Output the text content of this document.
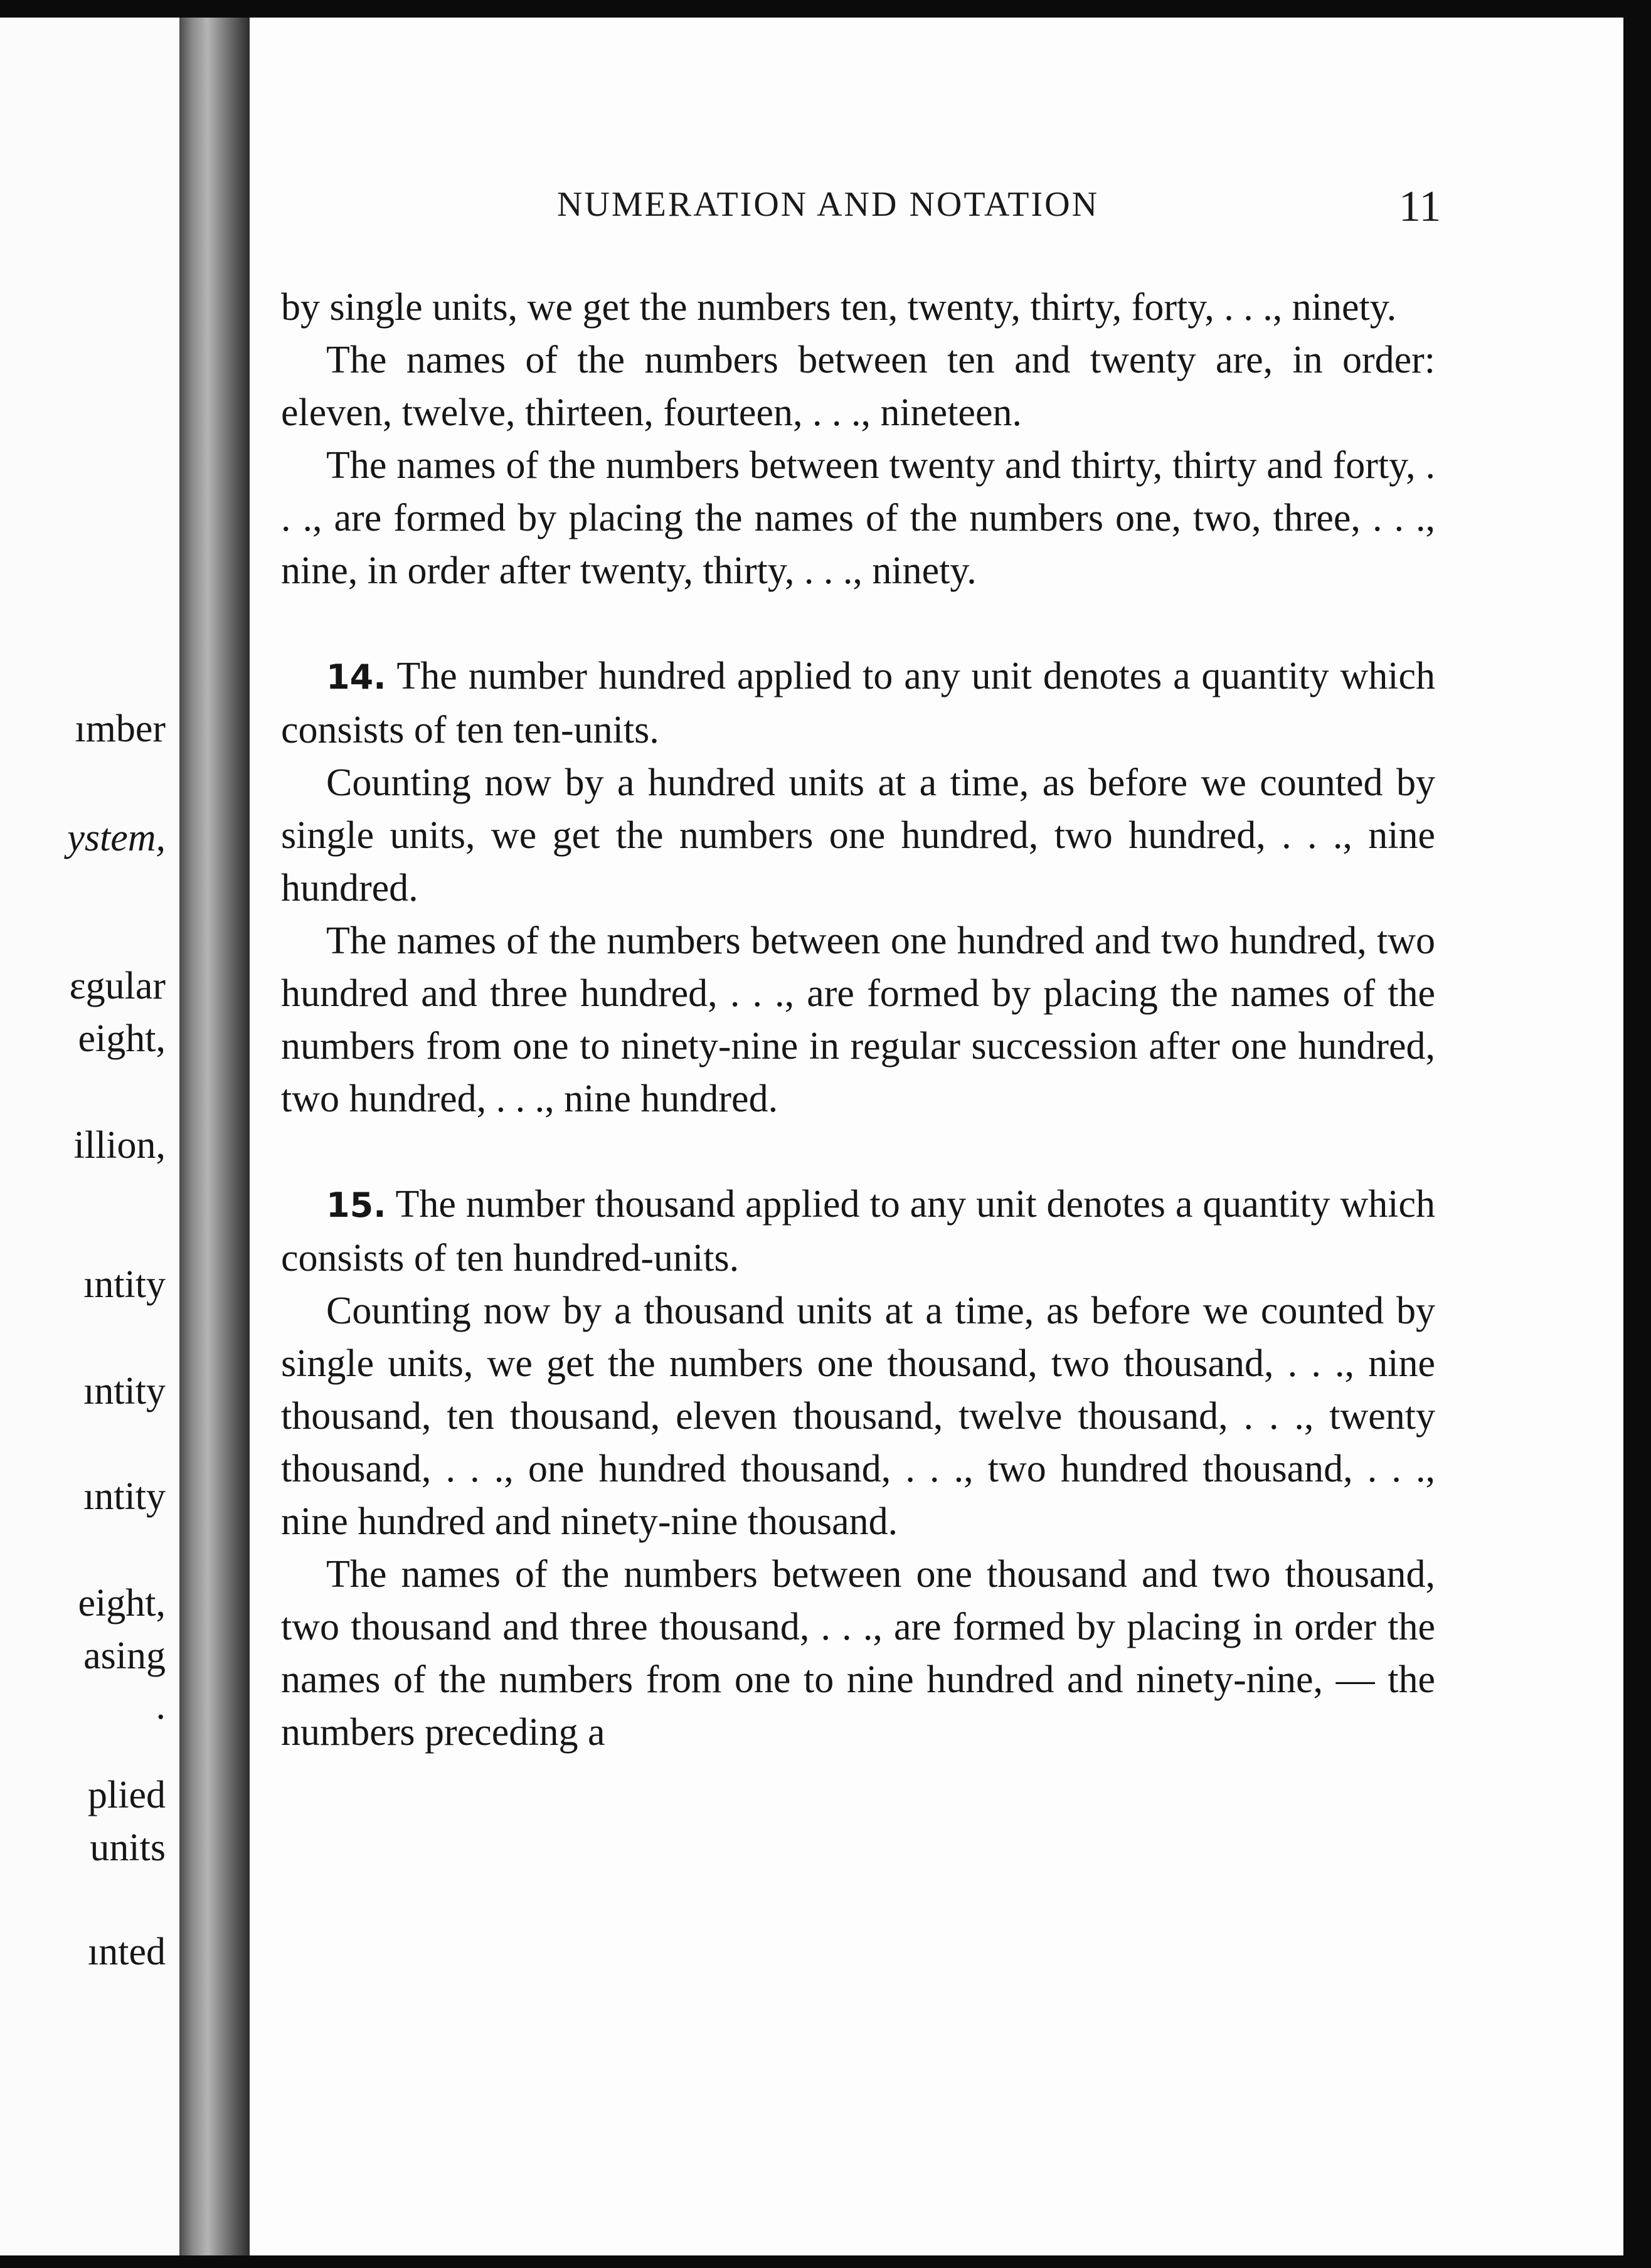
ımber

ystem,

ɛgular

eight,

illion,

ıntity

ıntity

ıntity

eight,

asing

.

plied

units

ınted

NUMERATION AND NOTATION	11

by single units, we get the numbers ten, twenty, thirty, forty, . . ., ninety.

The names of the numbers between ten and twenty are, in order: eleven, twelve, thirteen, fourteen, . . ., nineteen.

The names of the numbers between twenty and thirty, thirty and forty, . . ., are formed by placing the names of the numbers one, two, three, . . ., nine, in order after twenty, thirty, . . ., ninety.

14. The number hundred applied to any unit denotes a quantity which consists of ten ten-units.

Counting now by a hundred units at a time, as before we counted by single units, we get the numbers one hundred, two hundred, . . ., nine hundred.

The names of the numbers between one hundred and two hundred, two hundred and three hundred, . . ., are formed by placing the names of the numbers from one to ninety-nine in regular succession after one hundred, two hundred, . . ., nine hundred.

15. The number thousand applied to any unit denotes a quantity which consists of ten hundred-units.

Counting now by a thousand units at a time, as before we counted by single units, we get the numbers one thousand, two thousand, . . ., nine thousand, ten thousand, eleven thousand, twelve thousand, . . ., twenty thousand, . . ., one hundred thousand, . . ., two hundred thousand, . . ., nine hundred and ninety-nine thousand.

The names of the numbers between one thousand and two thousand, two thousand and three thousand, . . ., are formed by placing in order the names of the numbers from one to nine hundred and ninety-nine, — the numbers preceding a
